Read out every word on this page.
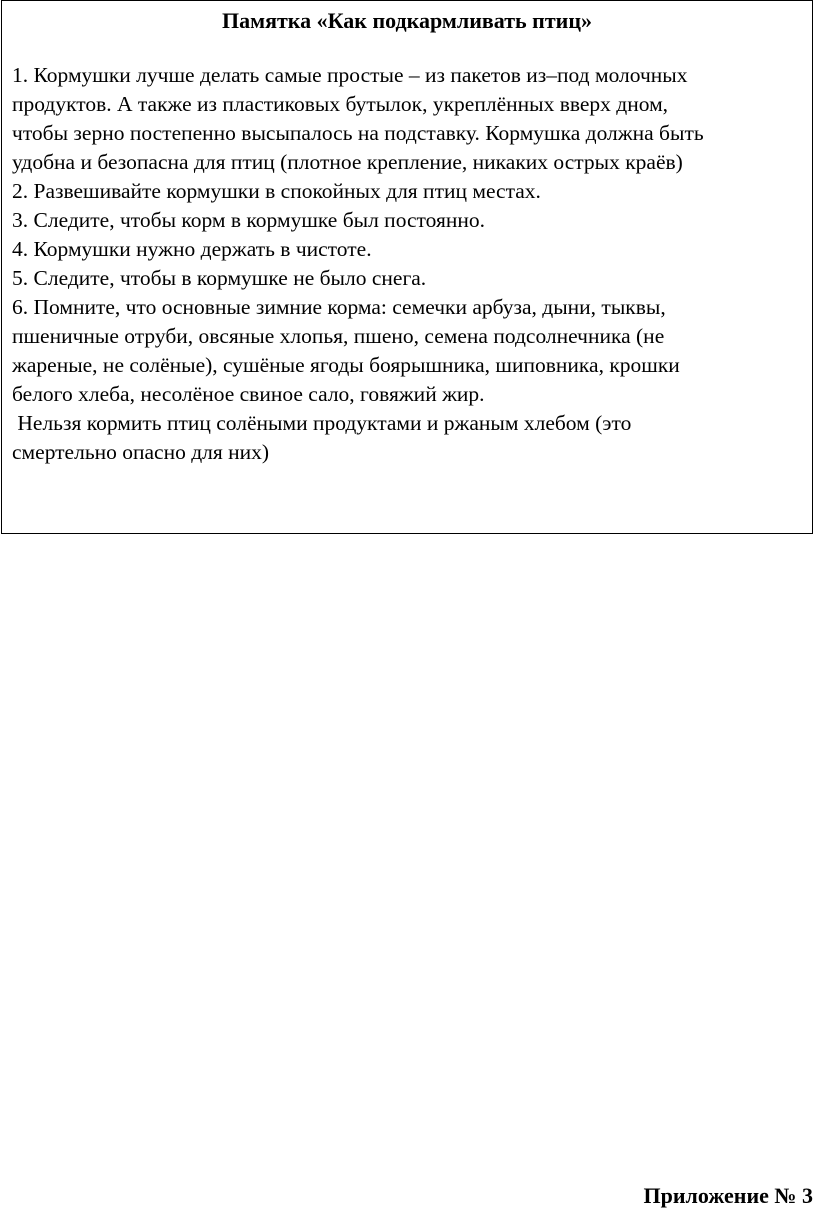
Памятка «Как подкармливать птиц»
1. Кормушки лучше делать самые простые – из пакетов из–под молочных
продуктов. А также из пластиковых бутылок, укреплённых вверх дном,
чтобы зерно постепенно высыпалось на подставку. Кормушка должна быть
удобна и безопасна для птиц (плотное крепление, никаких острых краёв)
2. Развешивайте кормушки в спокойных для птиц местах.
3. Следите, чтобы корм в кормушке был постоянно.
4. Кормушки нужно держать в чистоте.
5. Следите, чтобы в кормушке не было снега.
6. Помните, что основные зимние корма: семечки арбуза, дыни, тыквы,
пшеничные отруби, овсяные хлопья, пшено, семена подсолнечника (не
жареные, не солёные), сушёные ягоды боярышника, шиповника, крошки
белого хлеба, несолёное свиное сало, говяжий жир.
Нельзя кормить птиц солёными продуктами и ржаным хлебом (это
смертельно опасно для них)
Приложение № 3
